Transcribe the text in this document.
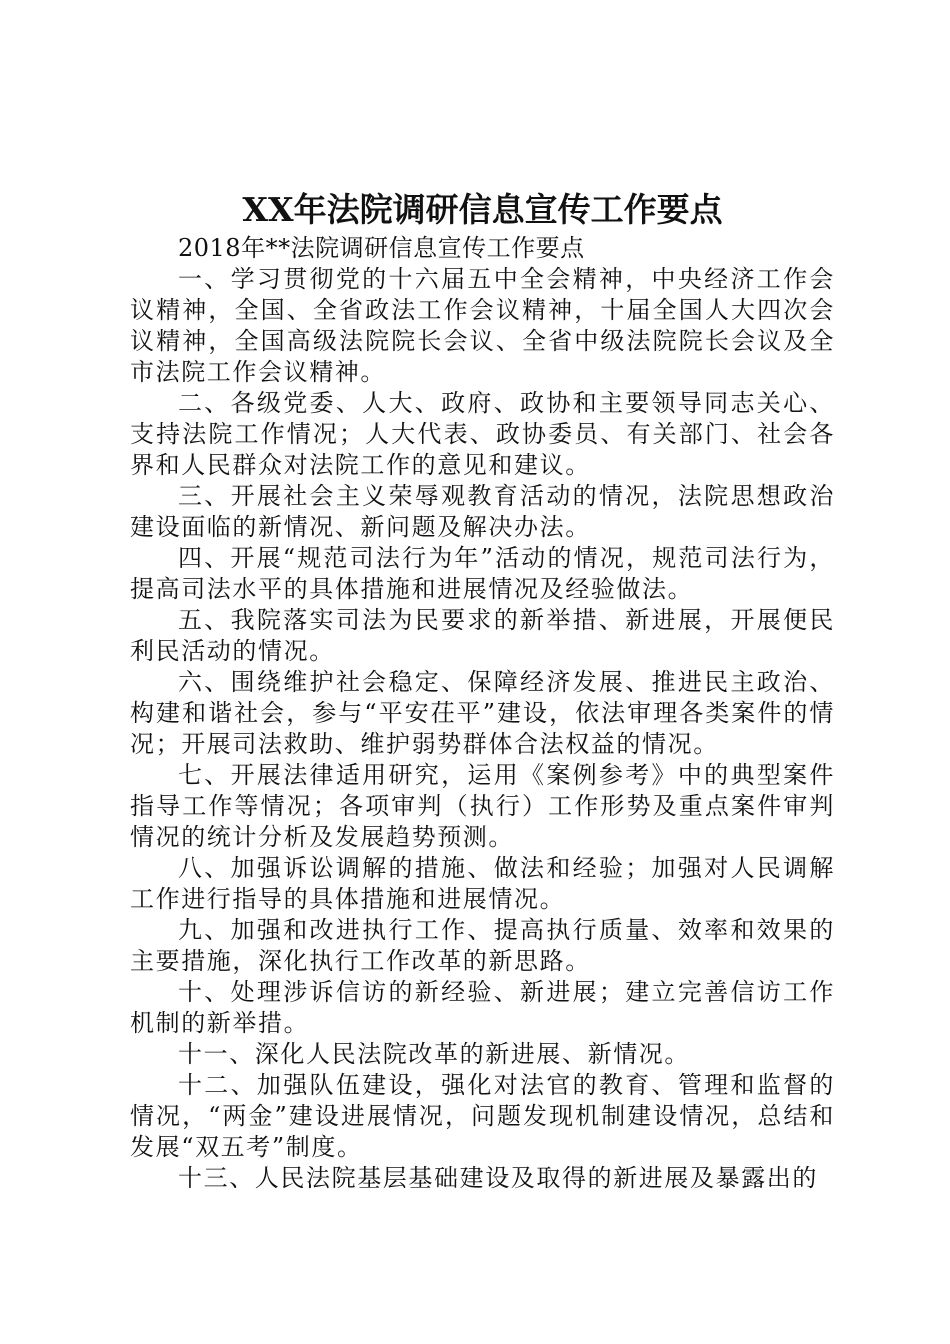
XX年法院调研信息宣传工作要点

2018年**法院调研信息宣传工作要点

一、学习贯彻党的十六届五中全会精神，中央经济工作会议精神，全国、全省政法工作会议精神，十届全国人大四次会议精神，全国高级法院院长会议、全省中级法院院长会议及全市法院工作会议精神。

二、各级党委、人大、政府、政协和主要领导同志关心、支持法院工作情况；人大代表、政协委员、有关部门、社会各界和人民群众对法院工作的意见和建议。

三、开展社会主义荣辱观教育活动的情况，法院思想政治建设面临的新情况、新问题及解决办法。

四、开展“规范司法行为年”活动的情况，规范司法行为，提高司法水平的具体措施和进展情况及经验做法。

五、我院落实司法为民要求的新举措、新进展，开展便民利民活动的情况。

六、围绕维护社会稳定、保障经济发展、推进民主政治、构建和谐社会，参与“平安茌平”建设，依法审理各类案件的情况；开展司法救助、维护弱势群体合法权益的情况。

七、开展法律适用研究，运用《案例参考》中的典型案件指导工作等情况；各项审判（执行）工作形势及重点案件审判情况的统计分析及发展趋势预测。

八、加强诉讼调解的措施、做法和经验；加强对人民调解工作进行指导的具体措施和进展情况。

九、加强和改进执行工作、提高执行质量、效率和效果的主要措施，深化执行工作改革的新思路。

十、处理涉诉信访的新经验、新进展；建立完善信访工作机制的新举措。

十一、深化人民法院改革的新进展、新情况。

十二、加强队伍建设，强化对法官的教育、管理和监督的情况，“两金”建设进展情况，问题发现机制建设情况，总结和发展“双五考”制度。

十三、人民法院基层基础建设及取得的新进展及暴露出的
